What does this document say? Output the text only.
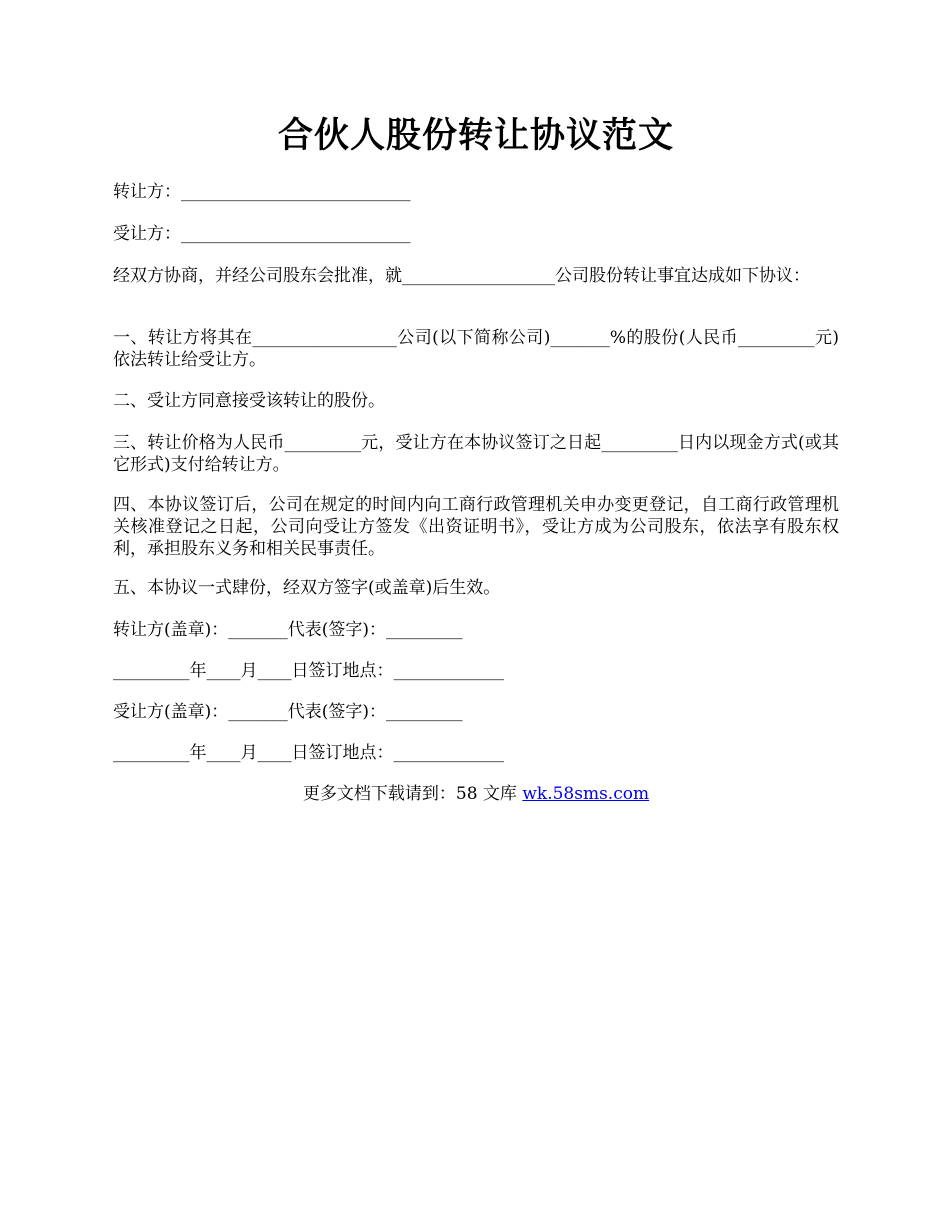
合伙人股份转让协议范文

转让方：___________________________

受让方：___________________________

经双方协商，并经公司股东会批准，就__________________公司股份转让事宜达成如下协议：

一、转让方将其在_________________公司(以下简称公司)_______%的股份(人民币_________元)依法转让给受让方。

二、受让方同意接受该转让的股份。

三、转让价格为人民币_________元，受让方在本协议签订之日起_________日内以现金方式(或其它形式)支付给转让方。

四、本协议签订后，公司在规定的时间内向工商行政管理机关申办变更登记，自工商行政管理机关核准登记之日起，公司向受让方签发《出资证明书》，受让方成为公司股东，依法享有股东权利，承担股东义务和相关民事责任。

五、本协议一式肆份，经双方签字(或盖章)后生效。

转让方(盖章)：_______代表(签字)：_________

_________年____月____日签订地点：_____________

受让方(盖章)：_______代表(签字)：_________

_________年____月____日签订地点：_____________

更多文档下载请到：58 文库 wk.58sms.com
